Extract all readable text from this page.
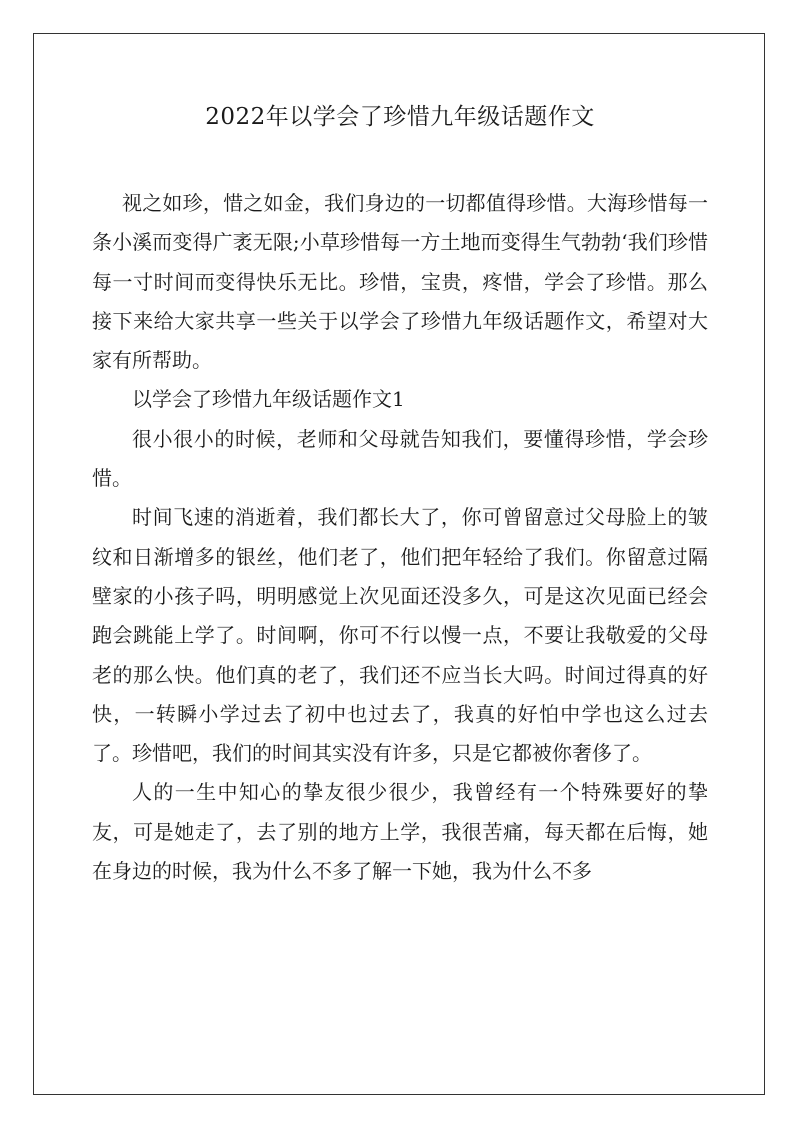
2022年以学会了珍惜九年级话题作文

视之如珍，惜之如金，我们身边的一切都值得珍惜。大海珍惜每一条小溪而变得广袤无限;小草珍惜每一方土地而变得生气勃勃‘我们珍惜每一寸时间而变得快乐无比。珍惜，宝贵，疼惜，学会了珍惜。那么接下来给大家共享一些关于以学会了珍惜九年级话题作文，希望对大家有所帮助。

以学会了珍惜九年级话题作文1

很小很小的时候，老师和父母就告知我们，要懂得珍惜，学会珍惜。

时间飞速的消逝着，我们都长大了，你可曾留意过父母脸上的皱纹和日渐增多的银丝，他们老了，他们把年轻给了我们。你留意过隔壁家的小孩子吗，明明感觉上次见面还没多久，可是这次见面已经会跑会跳能上学了。时间啊，你可不行以慢一点，不要让我敬爱的父母老的那么快。他们真的老了，我们还不应当长大吗。时间过得真的好快，一转瞬小学过去了初中也过去了，我真的好怕中学也这么过去了。珍惜吧，我们的时间其实没有许多，只是它都被你奢侈了。

人的一生中知心的挚友很少很少，我曾经有一个特殊要好的挚友，可是她走了，去了别的地方上学，我很苦痛，每天都在后悔，她在身边的时候，我为什么不多了解一下她，我为什么不多
